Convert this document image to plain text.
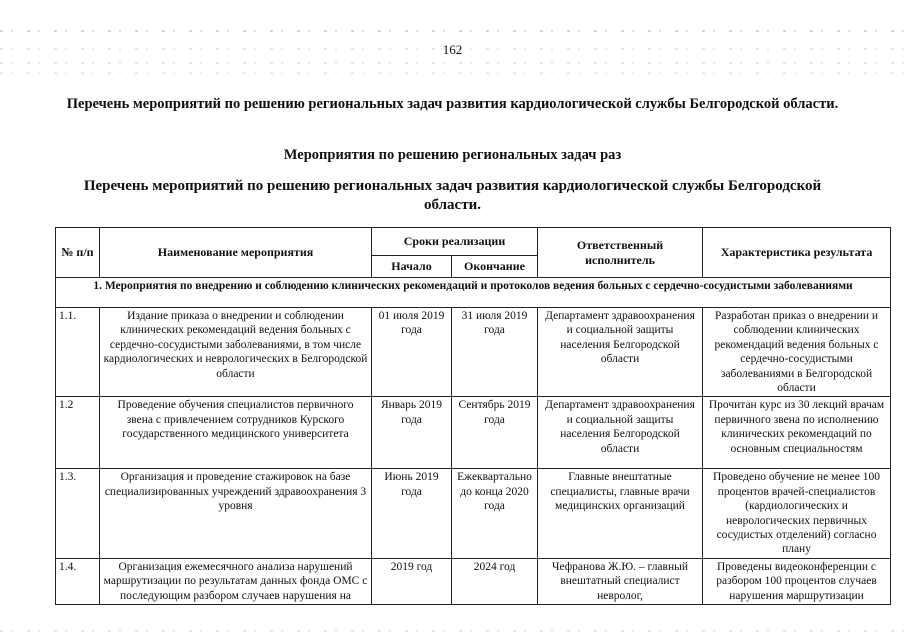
162
Перечень мероприятий по решению региональных задач развития кардиологической службы Белгородской области.
Мероприятия по решению региональных задач раз
Перечень мероприятий по решению региональных задач развития кардиологической службы Белгородской области.
№ п/п	Наименование мероприятия	Сроки реализации		Ответственный исполнитель	Характеристика результата
		Начало	Окончание		
1. Мероприятия по внедрению и соблюдению клинических рекомендаций и протоколов ведения больных с сердечно-сосудистыми заболеваниями					
1.1.	Издание приказа о внедрении и соблюдении клинических рекомендаций ведения больных с сердечно-сосудистыми заболеваниями, в том числе кардиологических и неврологических в Белгородской области	01 июля 2019 года	31 июля 2019 года	Департамент здравоохранения и социальной защиты населения Белгородской области	Разработан приказ о внедрении и соблюдении клинических рекомендаций ведения больных с сердечно-сосудистыми заболеваниями в Белгородской области
1.2	Проведение обучения специалистов первичного звена с привлечением сотрудников Курского государственного медицинского университета	Январь 2019 года	Сентябрь 2019 года	Департамент здравоохранения и социальной защиты населения Белгородской области	Прочитан курс из 30 лекций врачам первичного звена по исполнению клинических рекомендаций по основным специальностям
1.3.	Организация и проведение стажировок на базе специализированных учреждений здравоохранения 3 уровня	Июнь 2019 года	Ежеквартально до конца 2020 года	Главные внештатные специалисты, главные врачи медицинских организаций	Проведено обучение не менее 100 процентов врачей-специалистов (кардиологических и неврологических первичных сосудистых отделений) согласно плану
1.4.	Организация ежемесячного анализа нарушений маршрутизации по результатам данных фонда ОМС с последующим разбором случаев нарушения на	2019 год	2024 год	Чефранова Ж.Ю. – главный внештатный специалист невролог,	Проведены видеоконференции с разбором 100 процентов случаев нарушения маршрутизации
